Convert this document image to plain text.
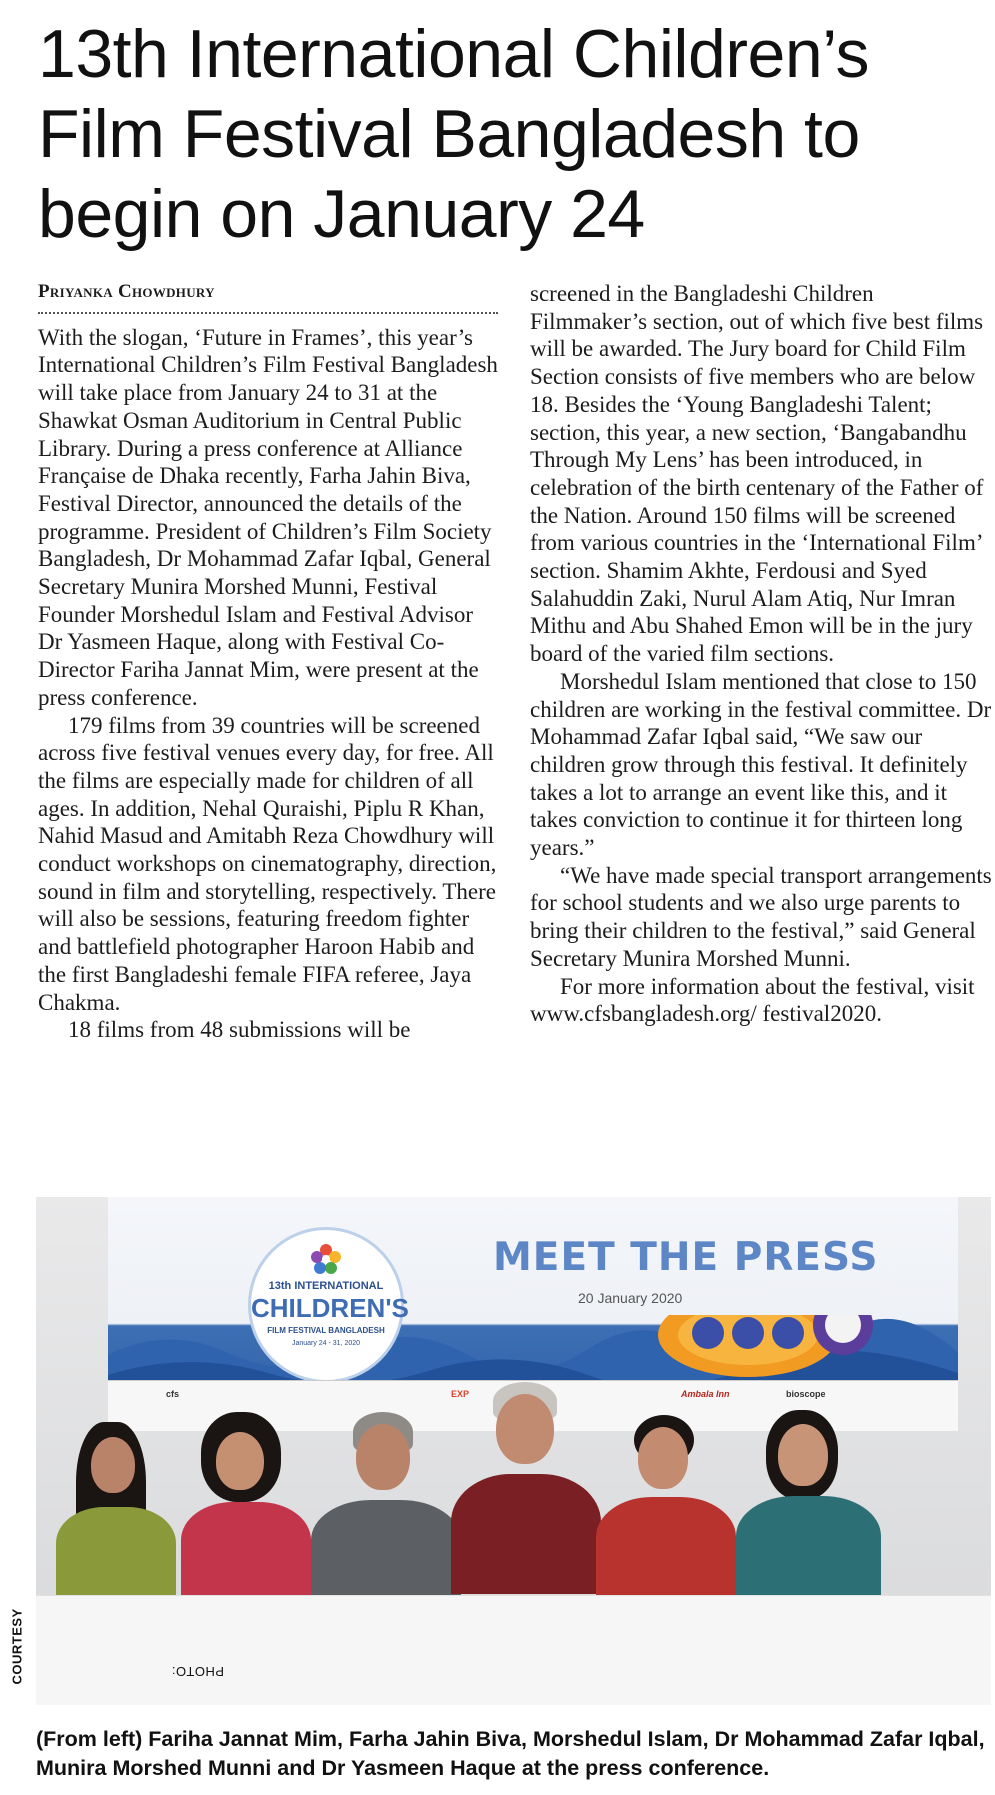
13th International Children’s Film Festival Bangladesh to begin on January 24
Priyanka Chowdhury

With the slogan, ‘Future in Frames’, this year’s International Children’s Film Festival Bangladesh will take place from January 24 to 31 at the Shawkat Osman Auditorium in Central Public Library. During a press conference at Alliance Française de Dhaka recently, Farha Jahin Biva, Festival Director, announced the details of the programme. President of Children’s Film Society Bangladesh, Dr Mohammad Zafar Iqbal, General Secretary Munira Morshed Munni, Festival Founder Morshedul Islam and Festival Advisor Dr Yasmeen Haque, along with Festival Co-Director Fariha Jannat Mim, were present at the press conference.

179 films from 39 countries will be screened across five festival venues every day, for free. All the films are especially made for children of all ages. In addition, Nehal Quraishi, Piplu R Khan, Nahid Masud and Amitabh Reza Chowdhury will conduct workshops on cinematography, direction, sound in film and storytelling, respectively. There will also be sessions, featuring freedom fighter and battlefield photographer Haroon Habib and the first Bangladeshi female FIFA referee, Jaya Chakma.

18 films from 48 submissions will be

screened in the Bangladeshi Children Filmmaker’s section, out of which five best films will be awarded. The Jury board for Child Film Section consists of five members who are below 18. Besides the ‘Young Bangladeshi Talent; section, this year, a new section, ‘Bangabandhu Through My Lens’ has been introduced, in celebration of the birth centenary of the Father of the Nation. Around 150 films will be screened from various countries in the ‘International Film’ section. Shamim Akhte, Ferdousi and Syed Salahuddin Zaki, Nurul Alam Atiq, Nur Imran Mithu and Abu Shahed Emon will be in the jury board of the varied film sections.

Morshedul Islam mentioned that close to 150 children are working in the festival committee. Dr Mohammad Zafar Iqbal said, “We saw our children grow through this festival. It definitely takes a lot to arrange an event like this, and it takes conviction to continue it for thirteen long years.”

“We have made special transport arrangements for school students and we also urge parents to bring their children to the festival,” said General Secretary Munira Morshed Munni.

For more information about the festival, visit www.cfsbangladesh.org/ festival2020.

13th INTERNATIONAL
CHILDREN'S
FILM FESTIVAL BANGLADESH
January 24 - 31, 2020
MEET THE PRESS
20 January 2020
cfs	EXP	Ambala Inn	bioscope
PHOTO:
COURTESY
(From left) Fariha Jannat Mim, Farha Jahin Biva, Morshedul Islam, Dr Mohammad Zafar Iqbal, Munira Morshed Munni and Dr Yasmeen Haque at the press conference.
